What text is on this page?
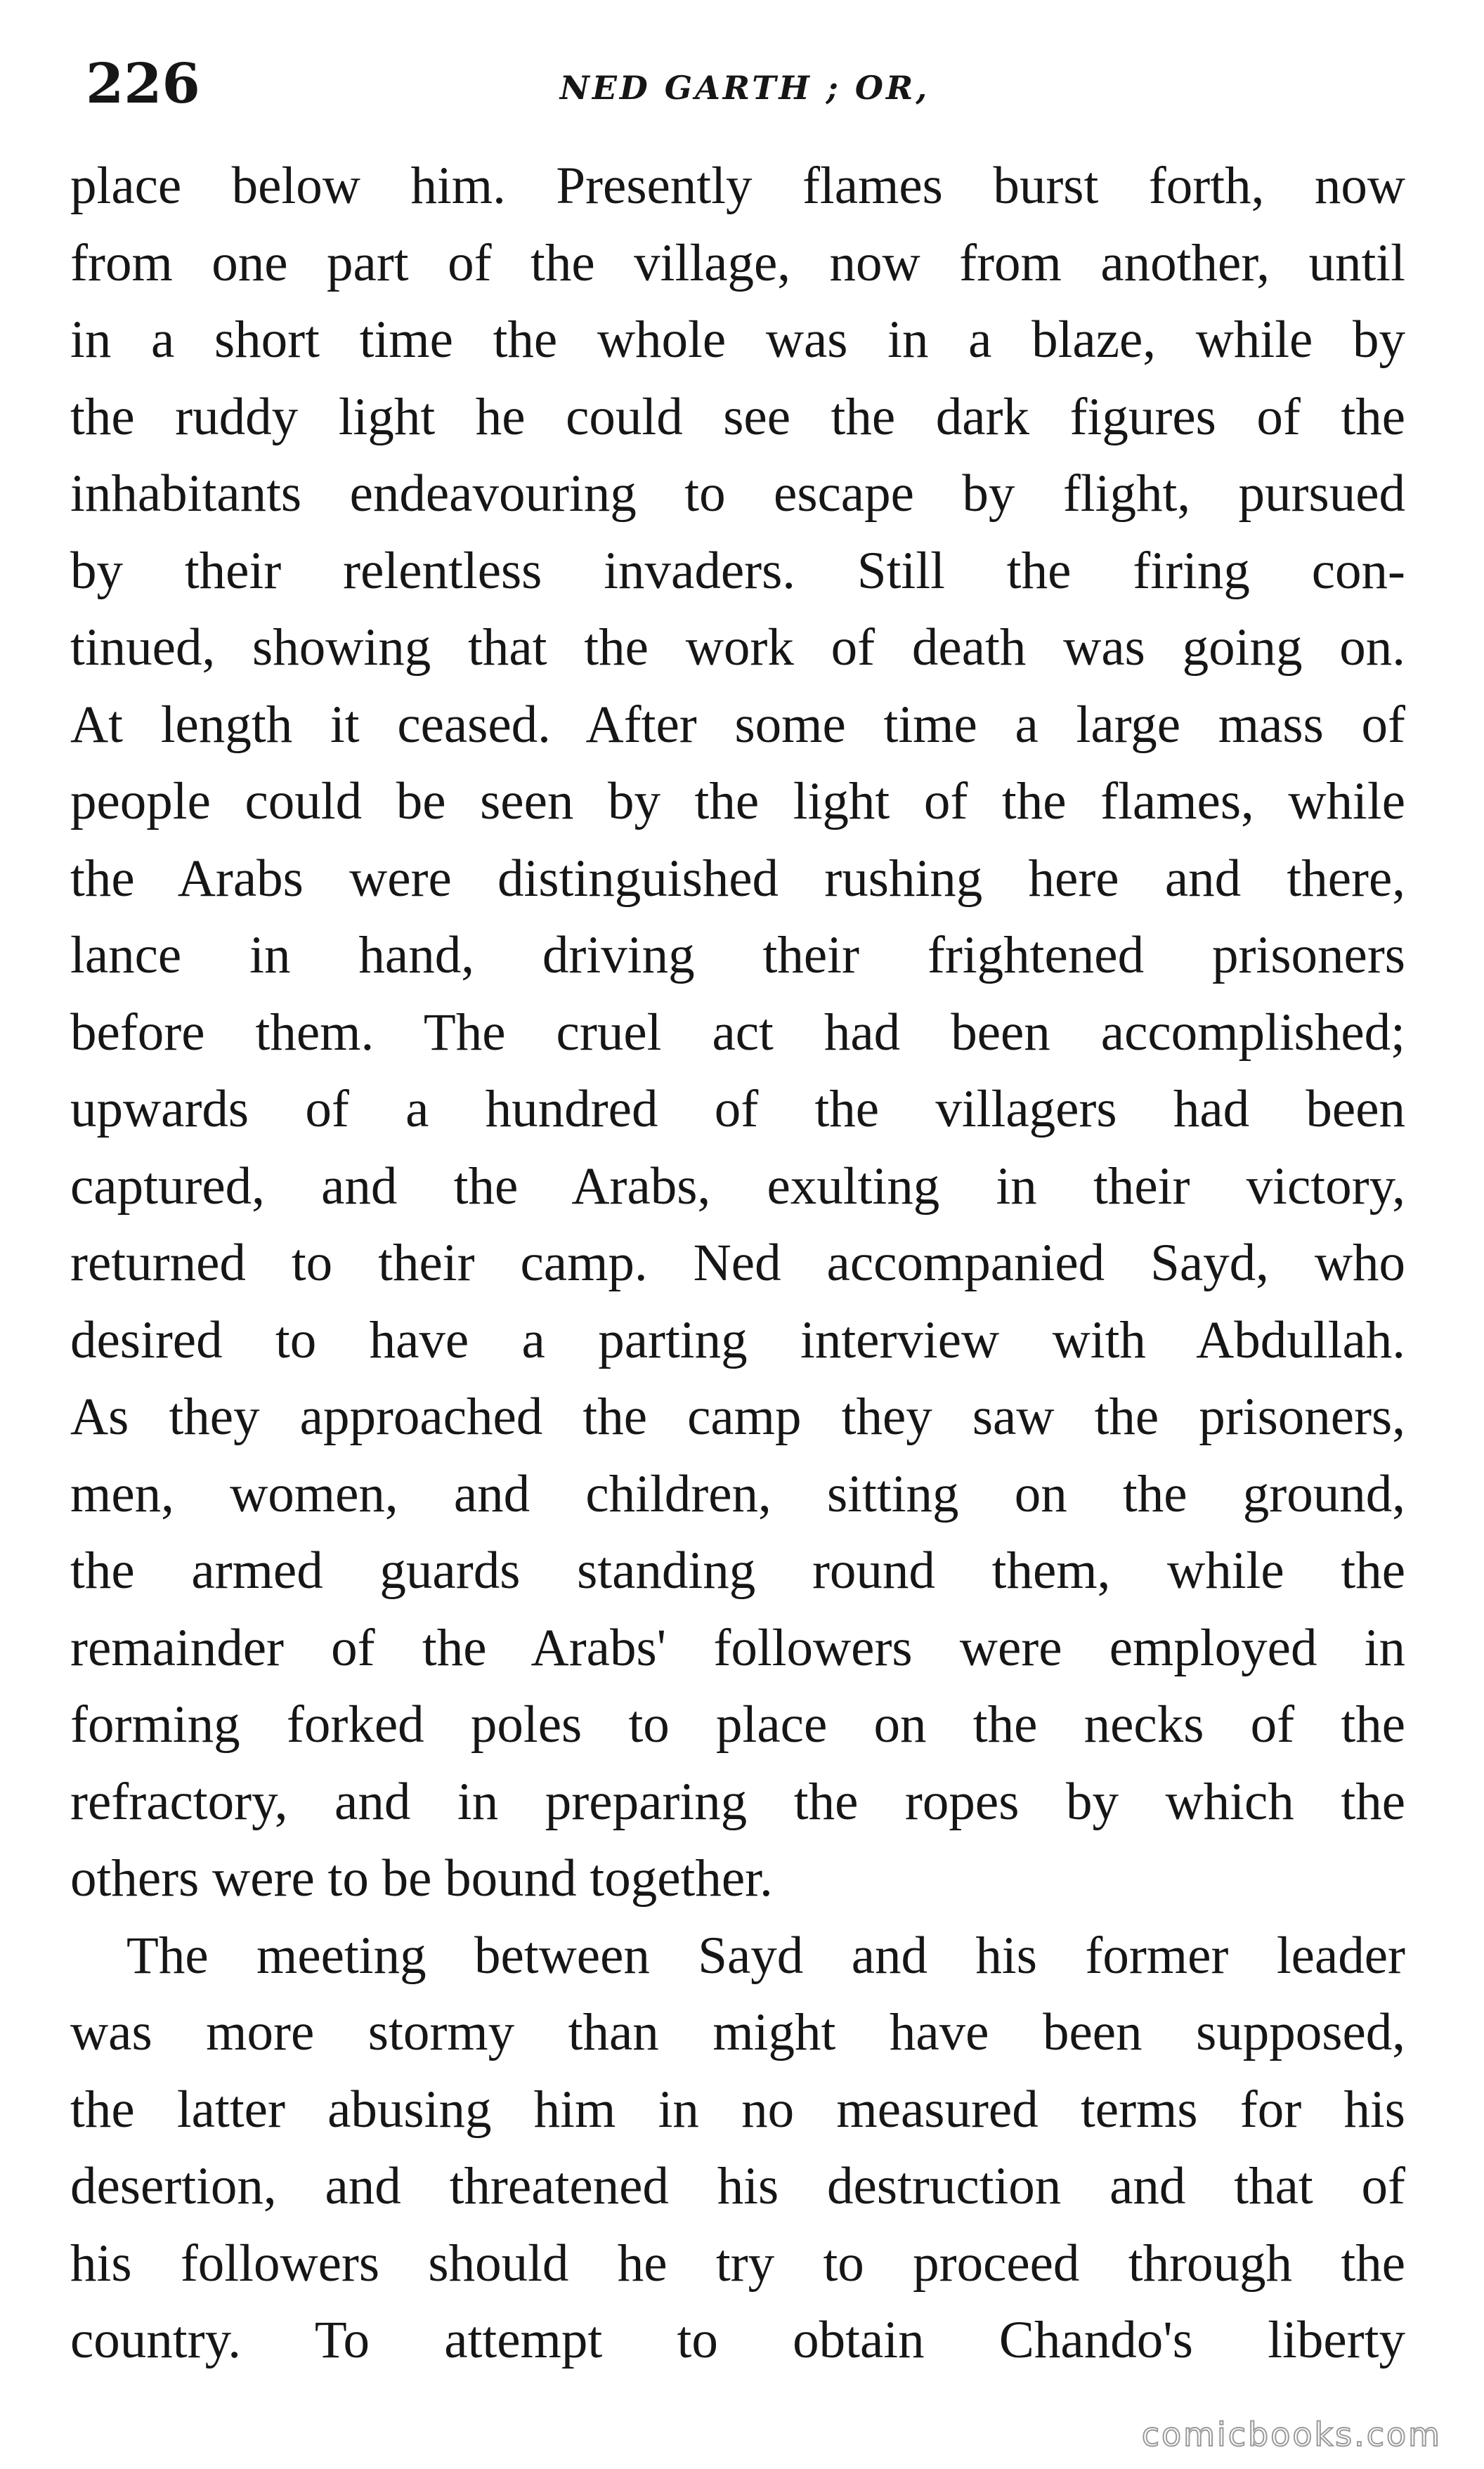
226	NED GARTH ; OR,
place below him. Presently flames burst forth, now
from one part of the village, now from another, until
in a short time the whole was in a blaze, while by
the ruddy light he could see the dark figures of the
inhabitants endeavouring to escape by flight, pursued
by their relentless invaders. Still the firing con-
tinued, showing that the work of death was going on.
At length it ceased. After some time a large mass of
people could be seen by the light of the flames, while
the Arabs were distinguished rushing here and there,
lance in hand, driving their frightened prisoners
before them. The cruel act had been accomplished;
upwards of a hundred of the villagers had been
captured, and the Arabs, exulting in their victory,
returned to their camp. Ned accompanied Sayd, who
desired to have a parting interview with Abdullah.
As they approached the camp they saw the prisoners,
men, women, and children, sitting on the ground,
the armed guards standing round them, while the
remainder of the Arabs' followers were employed in
forming forked poles to place on the necks of the
refractory, and in preparing the ropes by which the
others were to be bound together.
The meeting between Sayd and his former leader
was more stormy than might have been supposed,
the latter abusing him in no measured terms for his
desertion, and threatened his destruction and that of
his followers should he try to proceed through the
country. To attempt to obtain Chando's liberty
comicbooks.com
